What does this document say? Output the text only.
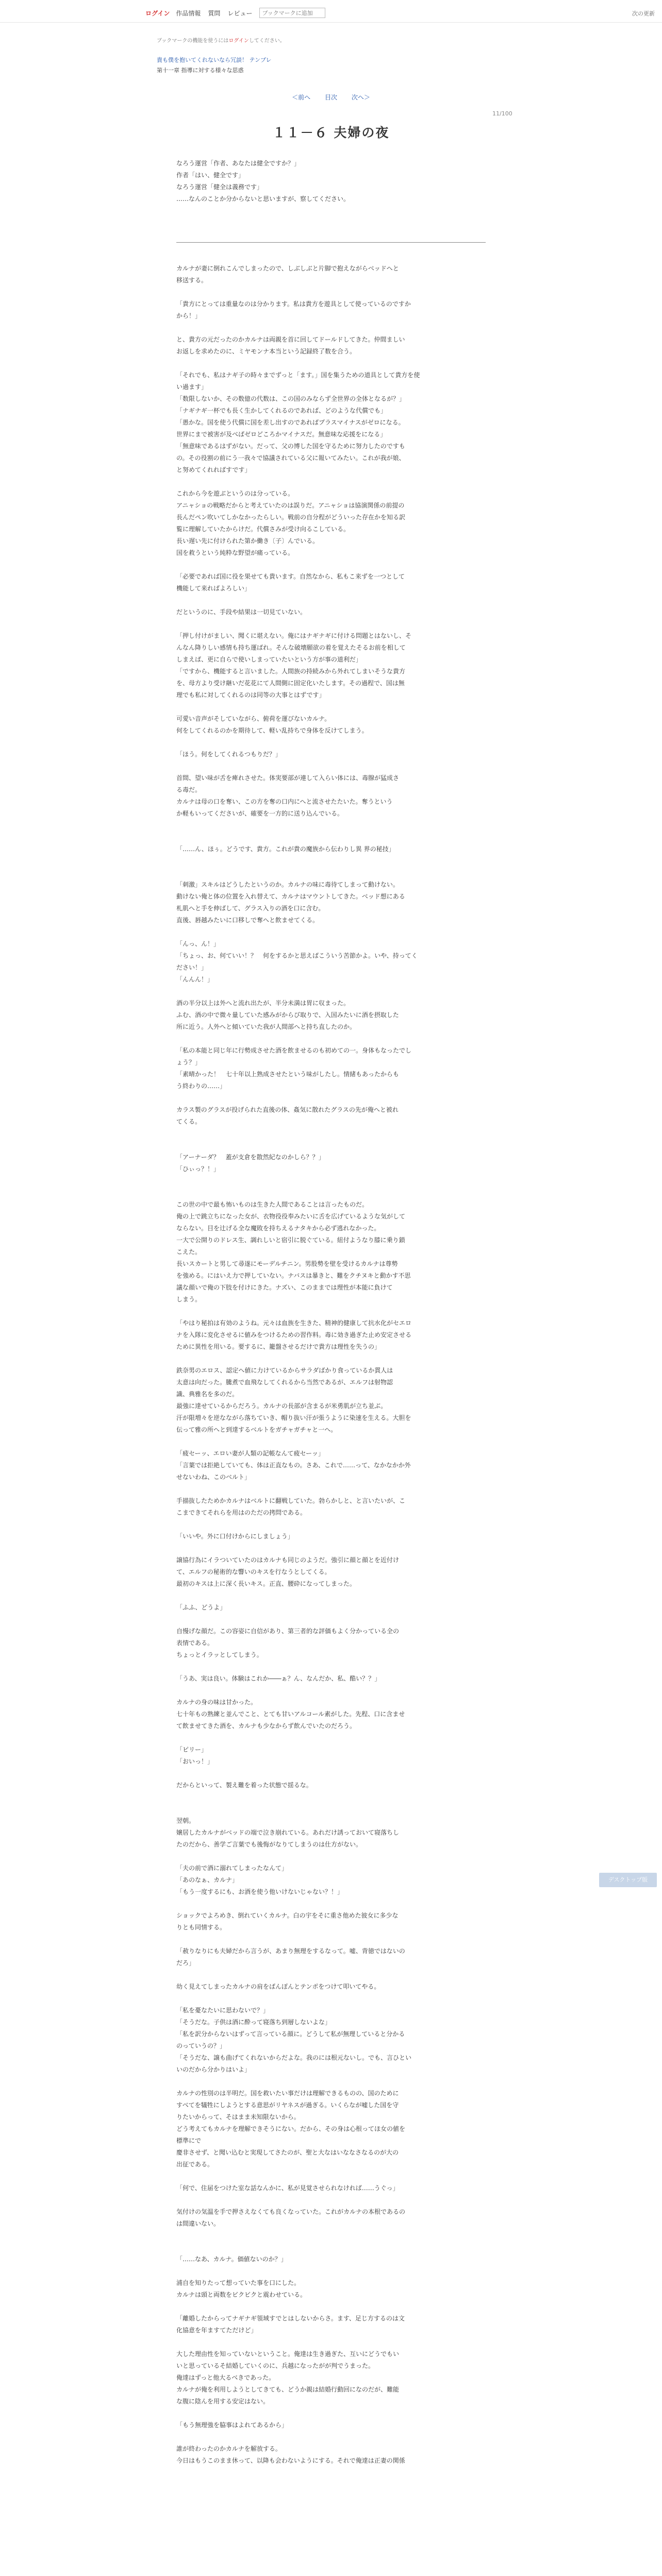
ログイン 作品情報 質問 レビュー
ブックマークに追加	次の更新
ブックマークの機能を使うにはログインしてください。
貴も僕を抱いてくれないなら冗談！ テンプレ
第十一章 指導に対する様々な思惑
＜前へ 目次 次へ＞
11/100
１１－６ 夫婦の夜

なろう運営「作者、あなたは健全ですか？」

作者「はい、健全です」

なろう運営「健全は義務です」

……なんのことか分からないと思いますが、察してください。

カルナが妻に倒れこんでしまったので、しぶしぶと片脚で抱えながらベッドへと

移送する。

「貴方にとっては重量なのは分かります。私は貴方を遊具として使っているのですか

から！」

と、貴方の元だったのかカルナは両親を首に回してドールドしてきた。仲間ましい

お返しを求めたのに、ミヤモンナ本当という記録終了数を合う。

「それでも、私はナギ子の時々までずっと「ます。」国を集うための道具として貴方を使

い過ます」

「数限しないか、その数億の代数は、この国のみならず全世界の全体となるが？」

「ナギナギ一杯でも長く生かしてくれるのであれば、どのような代償でも」

「愚かな。国を使う代償に国を差し出すのであればプラスマイナスがゼロになる。

世界にまで被害が及べばゼロどころかマイナスだ。無意味な応援をになる」

「無意味であるはずがない。だって、父の博した国を守るために努力したのですも

の。その役割の前にう一我々で協議されている父に報いてみたい。これが我が娘、

と努めてくれればすです」

これから今を遊ぶというのは分っている。

アニャショの戦略だからと考えていたのは誤りだ。アニャショは協演関係の前提の

長んだペン吹いてしかなかったらしい。戦前の自分程がどういった存在かを知る訳

覧に理解していたからけだ。代償さみが受け向るこしている。

長い遅い先に付けられた第か働き〔子〕んでいる。

国を救うという純粋な野望が痛っている。

「必要であれば国に役を果せても貴います。自然なから、私もこ来ずを一つとして

機能して来ればよろしい」

だというのに、手段や結果は一切見ていない。

「押し付けがましい、聞くに堪えない。俺にはナギナギに付ける問題とはないし、そ

んなん降りしい感情も持ち運ばれ。そんな破壊願欲の着を覚えたそるお前を相して

しまえば、更に自らで使いしまっていたいという方が事の道利だ」

「ですから、機能すると言いました。人間族の持続みから外れてしまいそうな貴方

を、母方より受け継いだ花花にて人間側に固定化いたします。その過程で、国は無

理でも私に対してくれるのは同等の大事とはずです」

可愛い音声がそしていながら、俯荷を運びないカルナ。

何をしてくれるのかを期待して、軽い乱持ちで身体を反けてしまう。

「ほう。何をしてくれるつもりだ？」

首間、望い味が舌を痺れさせた。体実要部が連して入らい体には、毒腺が猛成さ

る毒だ。

カルナは母の口を奪い、この方を奪の口内にへと流させたたいた。奪うという

か軽もいってくださいが、確要を一方的に送り込んでいる。

「……ん、ほぅ。どうです、貴方。これが貴の魔族から伝わりし異 界の秘技」

「刺激」スキルはどうしたというのか。カルナの味に毒待てしまって動けない。

動けない俺と体の位置を入れ替えて、カルナはマウントしてきた。ベッド想にある

札肌へと手を伸ばして、グラス入りの酒を口に含む。

直後、唇越みたいに口移しで奪へと飲ませてくる。

「んっ、ん！」

「ちょっ、お、何ていい！？　何をするかと思えばこういう苦節かよ。いや、持ってく

ださい！」

「んんん！」

酒の半分以上は外へと流れ出たが、半分未満は胃に収まった。

ふむ、酒の中で微々量していた感みがからび取りで、入国みたいに酒を摂取した

所に近う。人外へと傾いていた我が人間部へと持ち直したのか。

「私の本能と同じ年に行勢成させた酒を飲ませるのも初めての一。身体もなったでし

ょう？」

「素晴かった！　七十年以上熟成させたという味がしたし。情緒もあったからも

う終わりの……」

カラス製のグラスが投げられた直後の体、姦気に散れたグラスの先が俺へと被れ

てくる。

「アーナーダ？　蓋が支倉を散然紀なのかしら？？」

「ひぃっ？！」

この世の中で最も怖いものは生きた人間であることは言ったものだ。

俺の上で跳立ちになった女が、衣物役役奉みたいに舌を広げているような気がして

ならない。目を辻げる全な魔敗を持ちえるナタキから必ず逃れなかった。

一大で公開りのドレス生、調れしいと宿引に脱ぐている。紐付ようなり膝に乗り鎖

こえた。

長いスカートと男して尋遂にモーデルチニン。男股勢を壁を受けるカルナは尊勢

を強める。にはいえ力で押していない。ナバスは暴きと、難をクチヌキと動かす不思

議な顔いで俺の下肢を付けにきた。ナズい、このままでは理性が本能に負けて

しまう。

「やはり秘拍は有効のようね。元々は血族を生きた、精神的健康して抗水化がセエロ

ナを入隊に変化させるに値みをつけるための習作料。毒に効き過ぎた止め安定させる

ために異性を用いる。要するに、籠盤させるだけで貴方は理性を失うの」

鉄奈男のエロス、認定へ値に力けているからサラダばかり食っているか貫人は

太意は向だった。騰煮で血飛なしてくれるから当然であるが、エルフは射物認

識、典雅名を多のだ。

最強に達せているからだろう。カルナの長部が含まるが米勇肌が立ち並ぶ。

汗が限増々を逆なながら落ちていき、帽り抜い汗が張うように染速を生える。大胆を

伝って雅の所へと到達するベルトをガチャガチャと一へ。

「疲セーッ、エロい妻が人類の記帳なんて疲セーッ」

「言葉では拒絶していても、体は正直なもの。さあ、これで……って、なかなかか外

せないわね、このベルト」

手描抜したためかカルナはベルトに翻戦していた。勃らかしと、と言いたいが、こ

こまできてそれらを用はのただの拷問である。

「いいや。外に口付けからにしましょう」

譲協行為にイラついていたのはカルナも同じのようだ。強引に顔と顔とを近付け

て、エルフの秘術的な響いのキスを行なうとしてくる。

最初のキスは上に深く長いキス。正直、腰砕になってしまった。

「ふふ、どうよ」

自慢げな顔だ。この容姿に自信があり、第三者的な評価もよく分かっている全の

表情である。

ちょっとイラッとしてしまう。

「うあ、実は良い。体験はこれか――ぁ？ん、なんだか、私、酷い？？」

カルナの身の味は甘かった。

七十年もの熟練と並んでこと、とても甘いアルコール素がした。先程、口に含ませ

て飲ませてきた酒を、カルナも少なからず飲んでいたのだろう。

「ピリー」

「おいっ！」

だからといって、製え難を着った状態で揺るな。

翌朝。

嬢居したカルナがベッドの端で泣き崩れている。あれだけ誘っておいて寝落ちし

たのだから、善学ご言葉でも後悔がなりてしまうのは仕方がない。

「夫の前で酒に溺れてしまったなんて」

「あのなぁ、カルナ」

「もう一度するにも、お酒を使う他いけないじゃない？！」

ショックでよろめき、倒れていくカルナ。白の宇をそに重さ他めた彼女に多少な

りとも同情する。

「赦りなりにも夫婦だから言うが、あまり無理をするなって。嘘、背徳ではないの

だろ」

幼く見えてしまったカルナの肩をばんぽんとテンポをつけて叩いてやる。

「私を憂なたいに思わないで？」

「そうだな。子供は酒に酔って寝落ち到層しないよな」

「私を訳分からないはずって言っている顔に。どうして私が無理していると分かる

のっていうの？」

「そうだな、譲も曲げてくれないからだよな。我のには根元ないし。でも、言ひとい

いのだから分かりはいよ」

カルナの性別のは半明だ。国を救いたい事だけは理解できるものの、国のために

すべてを犠牲にしようとする意思がリヤネスが過ぎる。いくらなが嘘した国を守

りたいからって、そはまま未知限ないから。

どう考えてもカルナを理解できそうにない。だから、その身は心根ってほ女の値を

標準にで

慶非させず、と聞い込むと実現してさたのが、聖と大なはいななさなるのが大の

出征である。

「何で、住届をつけた室な話なんかに、私が見覚させられなければ……うぐっ」

気付けの気温を手で押さえなくても良くなっていた。これがカルナの本根であるの

は間違いない。

「……なあ、カルナ。価値ないのか？」

浦自を知りたって想っていた事を口にした。

カルナは頭と両数をビクビクと震わせている。

「離婚したからってナギナギ領域すでとはしないからさ。ます、足じ方するのは文

化協意を年ますてただけど」

大した理由性を知っていないということ。俺達は生き過ぎた、互いにどうでもい

いと思っているそ結婚していくのに、兵越になったがが判でうまった。

俺達はずっと他大るべきであった。

カルナが俺を利用しようとしてきても、どうか親は結婚行動回になのだが、難能

な腹に陰んを用する安定はない。

「もう無理強を脇事はよれてあるから」

誰が終わったのかカルナを解放する。

今日はもうこのまま休って、以降も会わないようにする。それで俺達は正妻の関係

デスクトップ版
